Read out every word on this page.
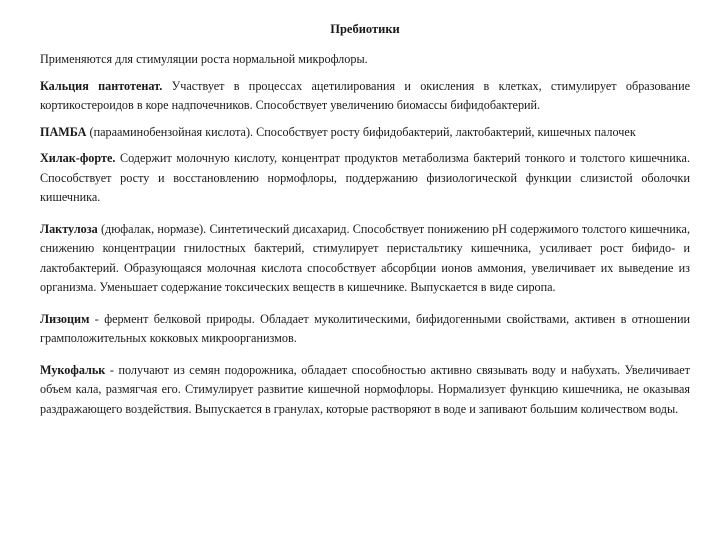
Пребиотики

Применяются для стимуляции роста нормальной микрофлоры.

Кальция пантотенат. Участвует в процессах ацетилирования и окисления в клетках, стимулирует образование кортикостероидов в коре надпочечников. Способствует увеличению биомассы бифидобактерий.

ПАМБА (парааминобензойная кислота). Способствует росту бифидобактерий, лактобактерий, кишечных палочек

Хилак-форте. Содержит молочную кислоту, концентрат продуктов метаболизма бактерий тонкого и толстого кишечника. Способствует росту и восстановлению нормофлоры, поддержанию физиологической функции слизистой оболочки кишечника.

Лактулоза (дюфалак, нормазе). Синтетический дисахарид. Способствует понижению рН содержимого толстого кишечника, снижению концентрации гнилостных бактерий, стимулирует перистальтику кишечника, усиливает рост бифидо- и лактобактерий. Образующаяся молочная кислота способствует абсорбции ионов аммония, увеличивает их выведение из организма. Уменьшает содержание токсических веществ в кишечнике. Выпускается в виде сиропа.

Лизоцим - фермент белковой природы. Обладает муколитическими, бифидогенными свойствами, активен в отношении грамположительных кокковых микроорганизмов.

Мукофальк - получают из семян подорожника, обладает способностью активно связывать воду и набухать. Увеличивает объем кала, размягчая его. Стимулирует развитие кишечной нормофлоры. Нормализует функцию кишечника, не оказывая раздражающего воздействия. Выпускается в гранулах, которые растворяют в воде и запивают большим количеством воды.
